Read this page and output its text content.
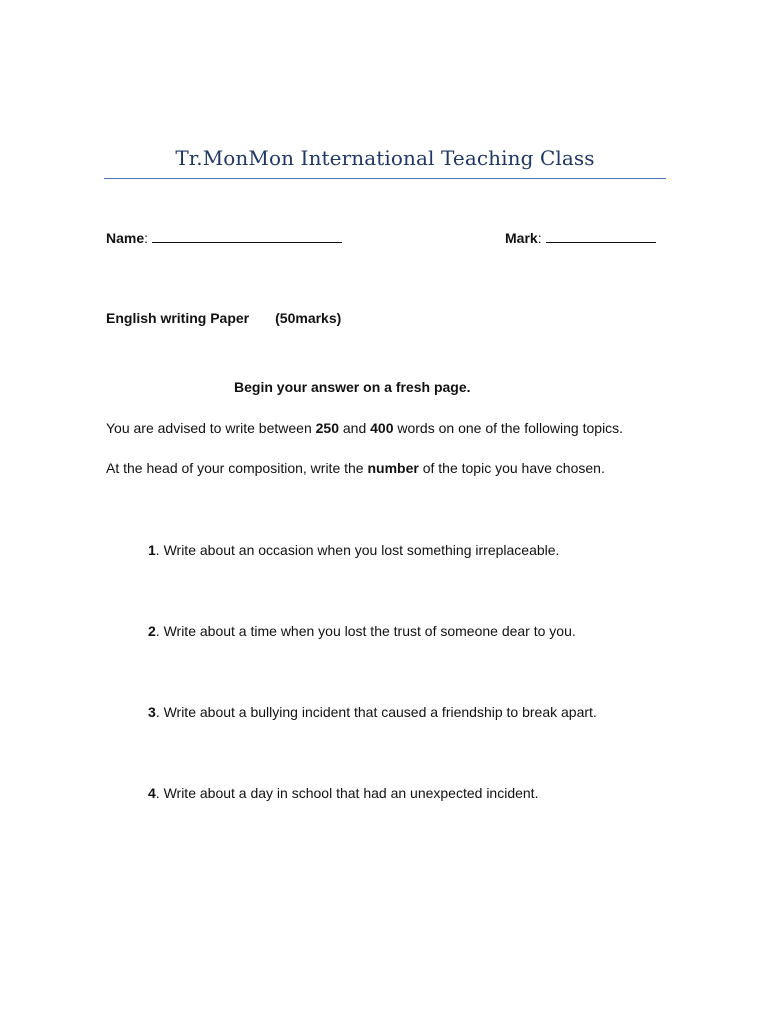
Tr.MonMon International Teaching Class
Name:	Mark:
English writing Paper (50marks)
Begin your answer on a fresh page.
You are advised to write between 250 and 400 words on one of the following topics.
At the head of your composition, write the number of the topic you have chosen.
1. Write about an occasion when you lost something irreplaceable.
2. Write about a time when you lost the trust of someone dear to you.
3. Write about a bullying incident that caused a friendship to break apart.
4. Write about a day in school that had an unexpected incident.
